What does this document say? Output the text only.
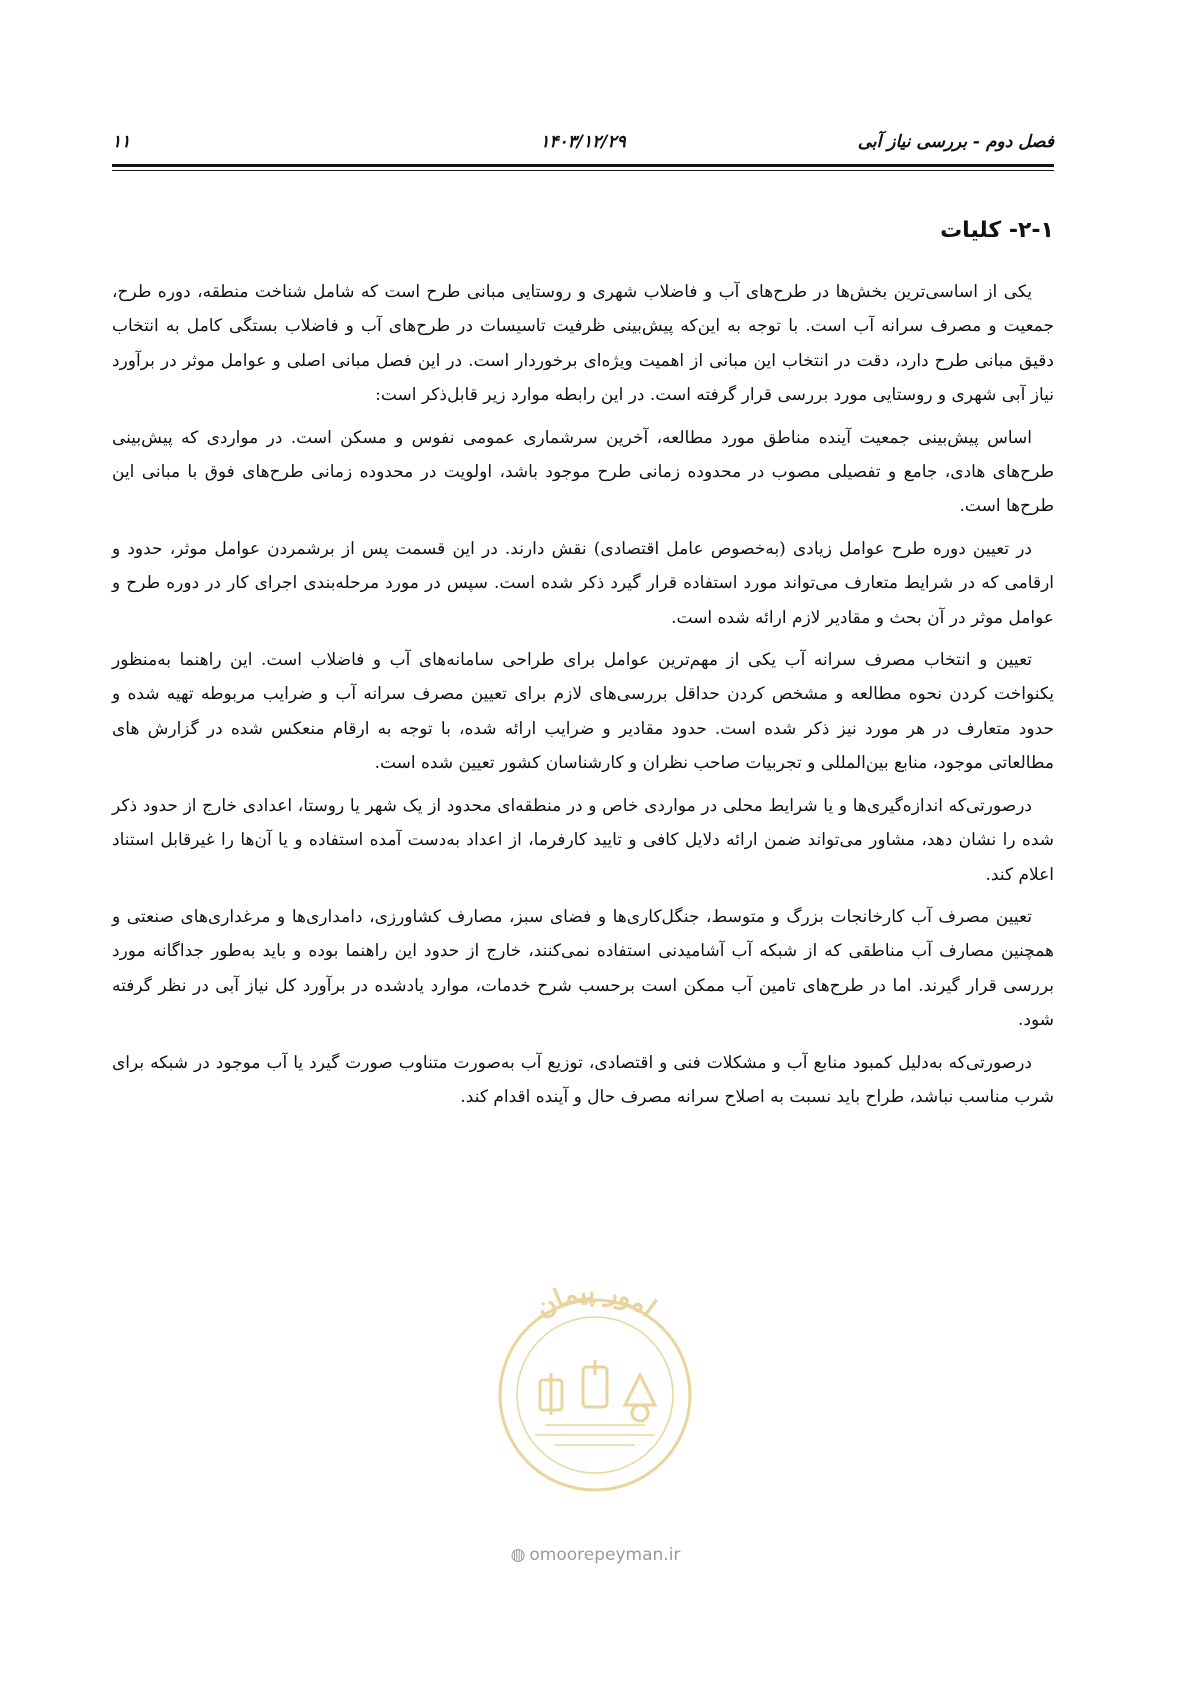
فصل دوم - بررسی نیاز آبی
۱۴۰۳/۱۲/۲۹
۱۱
۲-۱- کلیات

یکی از اساسی‌ترین بخش‌ها در طرح‌های آب و فاضلاب شهری و روستایی مبانی طرح است که شامل شناخت منطقه، دوره طرح، جمعیت و مصرف سرانه آب است. با توجه به این‌که پیش‌بینی ظرفیت تاسیسات در طرح‌های آب و فاضلاب بستگی کامل به انتخاب دقیق مبانی طرح دارد، دقت در انتخاب این مبانی از اهمیت ویژه‌ای برخوردار است. در این فصل مبانی اصلی و عوامل موثر در برآورد نیاز آبی شهری و روستایی مورد بررسی قرار گرفته است. در این رابطه موارد زیر قابل‌ذکر است:

اساس پیش‌بینی جمعیت آینده مناطق مورد مطالعه، آخرین سرشماری عمومی نفوس و مسکن است. در مواردی که پیش‌بینی طرح‌های هادی، جامع و تفصیلی مصوب در محدوده زمانی طرح موجود باشد، اولویت در محدوده زمانی طرح‌های فوق با مبانی این طرح‌ها است.

در تعیین دوره طرح عوامل زیادی (به‌خصوص عامل اقتصادی) نقش دارند. در این قسمت پس از برشمردن عوامل موثر، حدود و ارقامی که در شرایط متعارف می‌تواند مورد استفاده قرار گیرد ذکر شده است. سپس در مورد مرحله‌بندی اجرای کار در دوره طرح و عوامل موثر در آن بحث و مقادیر لازم ارائه شده است.

تعیین و انتخاب مصرف سرانه آب یکی از مهم‌ترین عوامل برای طراحی سامانه‌های آب و فاضلاب است. این راهنما به‌منظور یکنواخت کردن نحوه مطالعه و مشخص کردن حداقل بررسی‌های لازم برای تعیین مصرف سرانه آب و ضرایب مربوطه تهیه شده و حدود متعارف در هر مورد نیز ذکر شده است. حدود مقادیر و ضرایب ارائه شده، با توجه به ارقام منعکس شده در گزارش های مطالعاتی موجود، منابع بین‌المللی و تجربیات صاحب نظران و کارشناسان کشور تعیین شده است.

درصورتی‌که اندازه‌گیری‌ها و یا شرایط محلی در مواردی خاص و در منطقه‌ای محدود از یک شهر یا روستا، اعدادی خارج از حدود ذکر شده را نشان دهد، مشاور می‌تواند ضمن ارائه دلایل کافی و تایید کارفرما، از اعداد به‌دست آمده استفاده و یا آن‌ها را غیرقابل استناد اعلام کند.

تعیین مصرف آب کارخانجات بزرگ و متوسط، جنگل‌کاری‌ها و فضای سبز، مصارف کشاورزی، دامداری‌ها و مرغداری‌های صنعتی و همچنین مصارف آب مناطقی که از شبکه آب آشامیدنی استفاده نمی‌کنند، خارج از حدود این راهنما بوده و باید به‌طور جداگانه مورد بررسی قرار گیرند. اما در طرح‌های تامین آب ممکن است برحسب شرح خدمات، موارد یادشده در برآورد کل نیاز آبی در نظر گرفته شود.

درصورتی‌که به‌دلیل کمبود منابع آب و مشکلات فنی و اقتصادی، توزیع آب به‌صورت متناوب صورت گیرد یا آب موجود در شبکه برای شرب مناسب نباشد، طراح باید نسبت به اصلاح سرانه مصرف حال و آینده اقدام کند.

امور پیمان
◍ omoorepeyman.ir
